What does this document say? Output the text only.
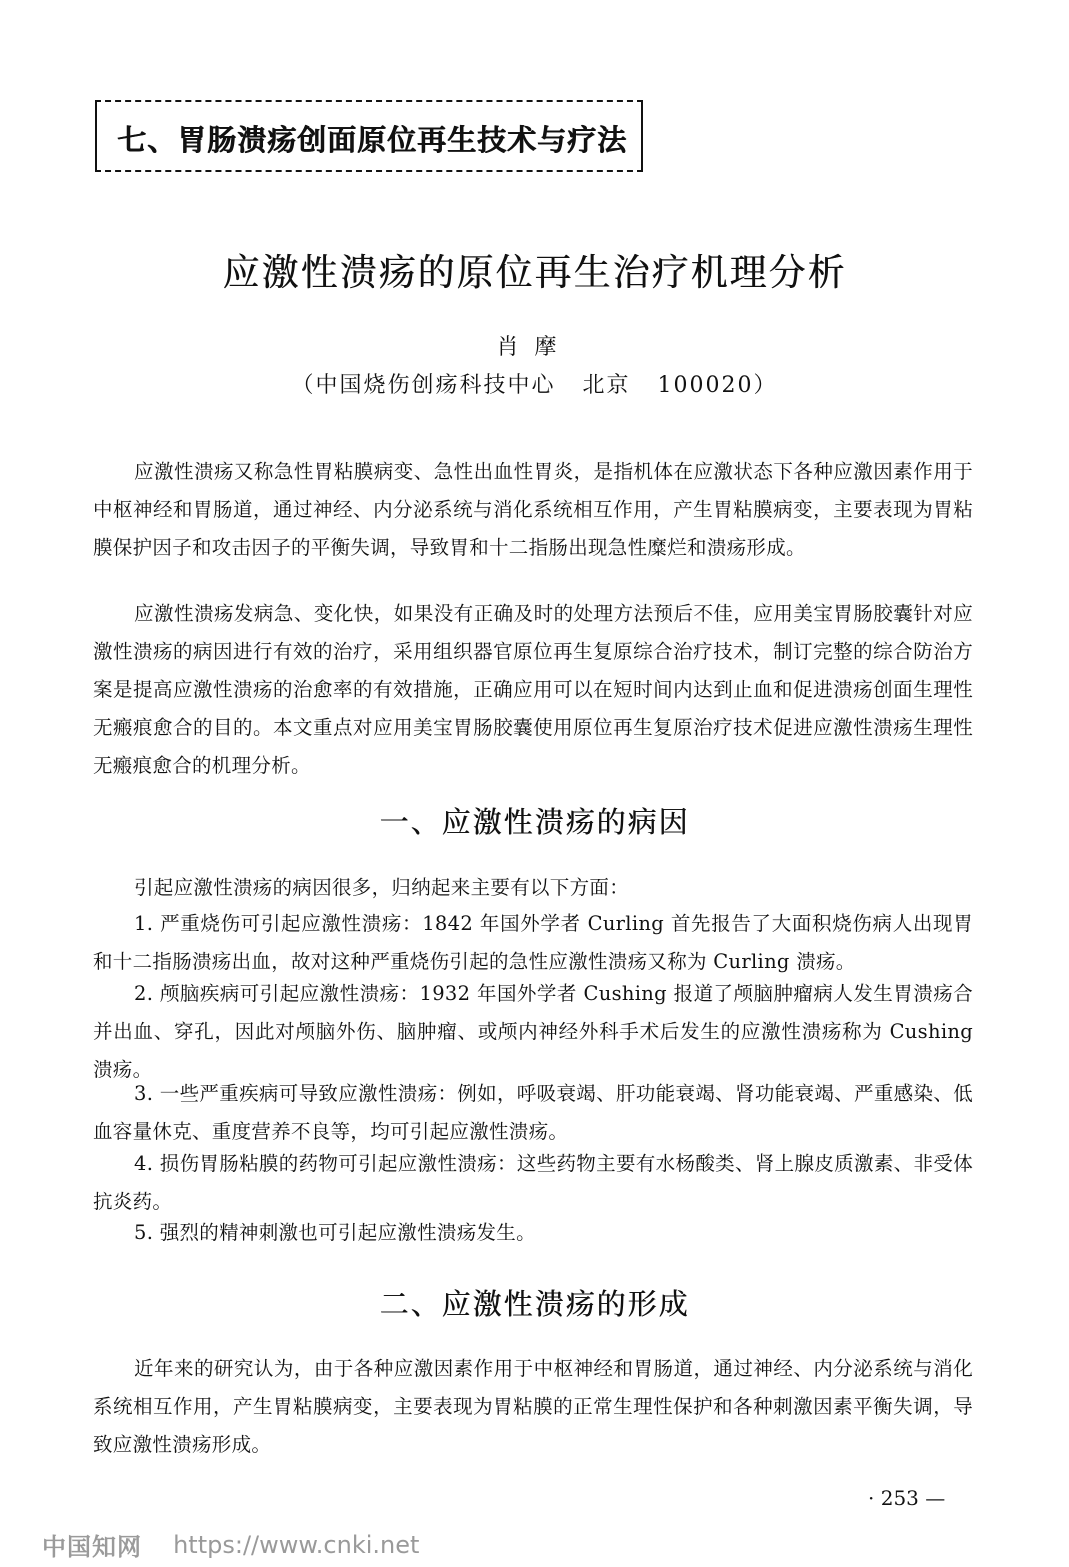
七、胃肠溃疡创面原位再生技术与疗法
应激性溃疡的原位再生治疗机理分析
肖摩
（中国烧伤创疡科技中心   北京   100020）

应激性溃疡又称急性胃粘膜病变、急性出血性胃炎，是指机体在应激状态下各种应激因素作用于中枢神经和胃肠道，通过神经、内分泌系统与消化系统相互作用，产生胃粘膜病变，主要表现为胃粘膜保护因子和攻击因子的平衡失调，导致胃和十二指肠出现急性糜烂和溃疡形成。

应激性溃疡发病急、变化快，如果没有正确及时的处理方法预后不佳，应用美宝胃肠胶囊针对应激性溃疡的病因进行有效的治疗，采用组织器官原位再生复原综合治疗技术，制订完整的综合防治方案是提高应激性溃疡的治愈率的有效措施，正确应用可以在短时间内达到止血和促进溃疡创面生理性无瘢痕愈合的目的。本文重点对应用美宝胃肠胶囊使用原位再生复原治疗技术促进应激性溃疡生理性无瘢痕愈合的机理分析。

一、应激性溃疡的病因

引起应激性溃疡的病因很多，归纳起来主要有以下方面：

1. 严重烧伤可引起应激性溃疡：1842 年国外学者 Curling 首先报告了大面积烧伤病人出现胃和十二指肠溃疡出血，故对这种严重烧伤引起的急性应激性溃疡又称为 Curling 溃疡。

2. 颅脑疾病可引起应激性溃疡：1932 年国外学者 Cushing 报道了颅脑肿瘤病人发生胃溃疡合并出血、穿孔，因此对颅脑外伤、脑肿瘤、或颅内神经外科手术后发生的应激性溃疡称为 Cushing 溃疡。

3. 一些严重疾病可导致应激性溃疡：例如，呼吸衰竭、肝功能衰竭、肾功能衰竭、严重感染、低血容量休克、重度营养不良等，均可引起应激性溃疡。

4. 损伤胃肠粘膜的药物可引起应激性溃疡：这些药物主要有水杨酸类、肾上腺皮质激素、非受体抗炎药。

5. 强烈的精神刺激也可引起应激性溃疡发生。

二、应激性溃疡的形成

近年来的研究认为，由于各种应激因素作用于中枢神经和胃肠道，通过神经、内分泌系统与消化系统相互作用，产生胃粘膜病变，主要表现为胃粘膜的正常生理性保护和各种刺激因素平衡失调，导致应激性溃疡形成。

· 253 —
中国知网 https://www.cnki.net
